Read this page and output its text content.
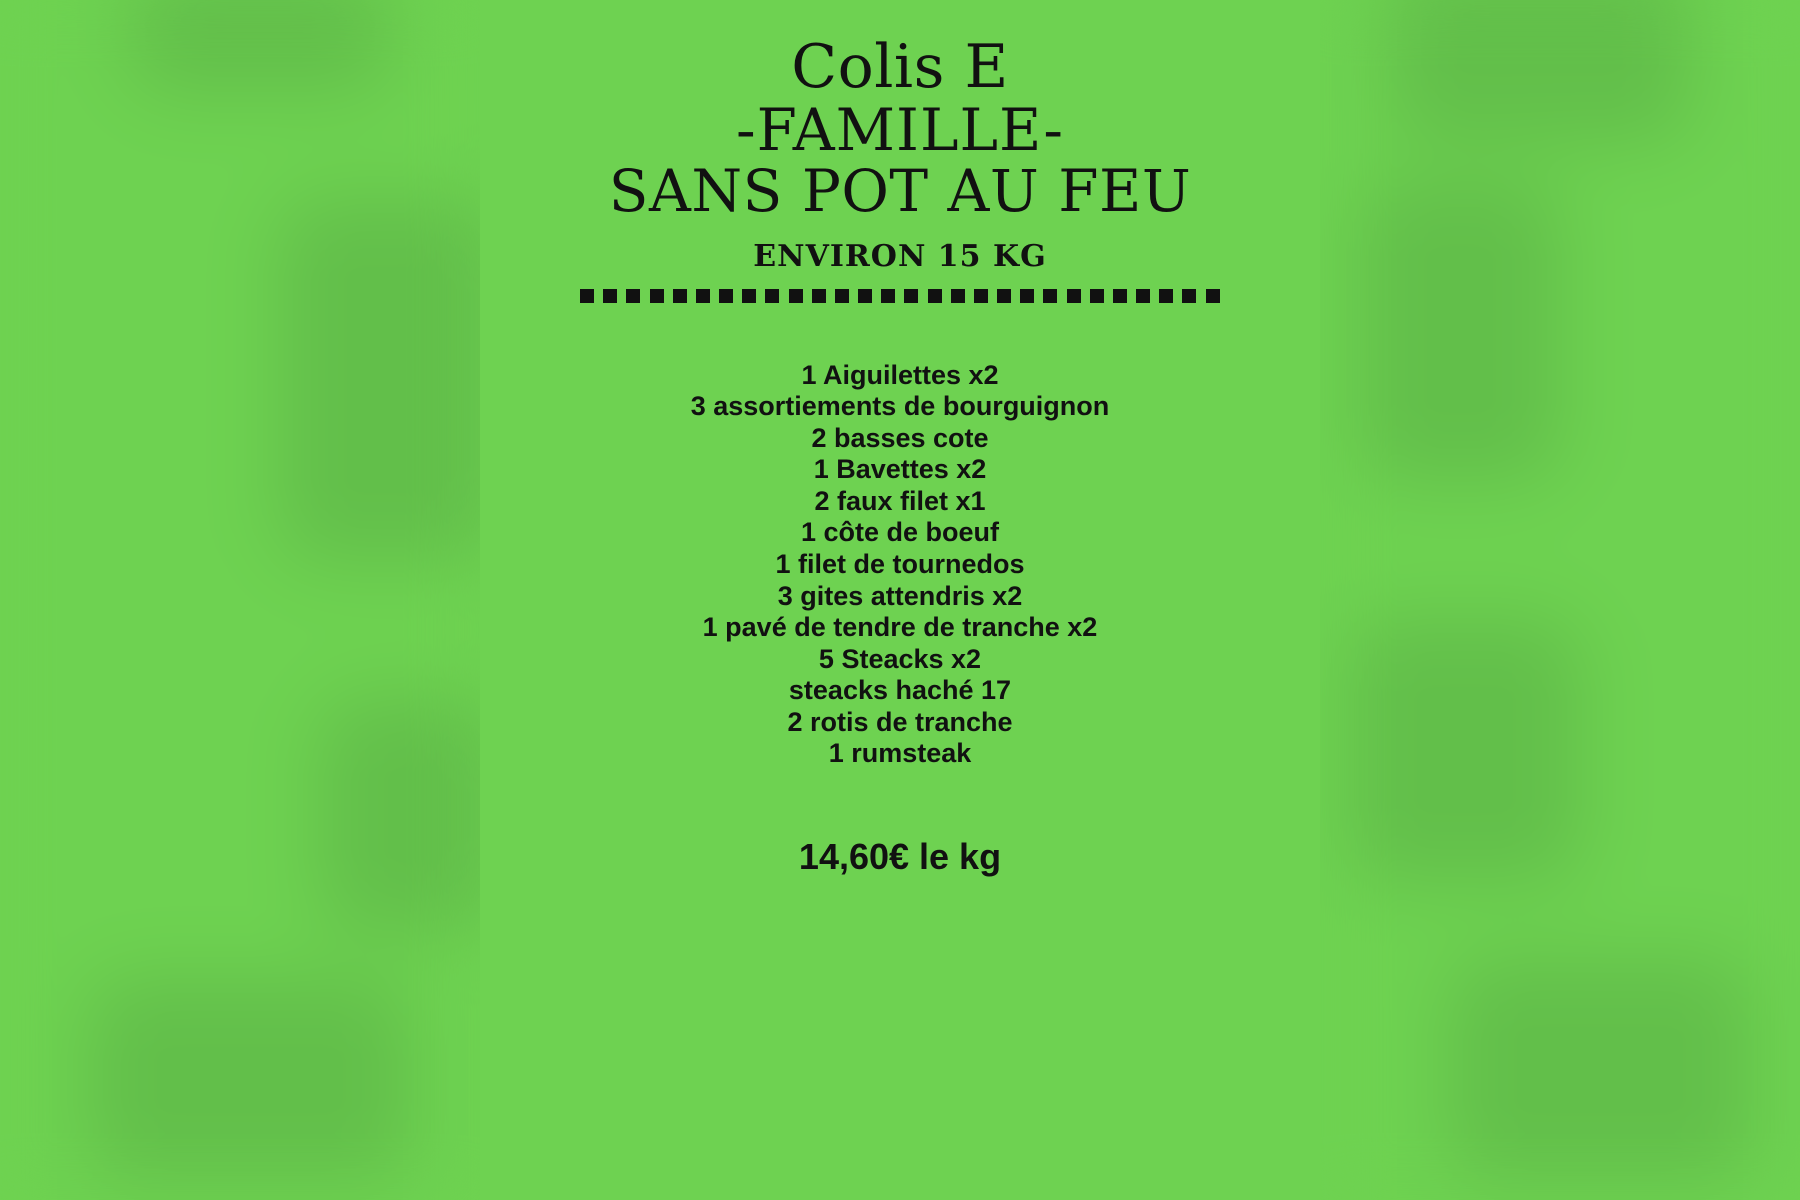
Colis E
-FAMILLE-
SANS POT AU FEU
ENVIRON 15 KG
1 Aiguilettes x2
3 assortiements de bourguignon
2 basses cote
1 Bavettes x2
2 faux filet x1
1 côte de boeuf
1 filet de tournedos
3 gites attendris x2
1 pavé de tendre de tranche x2
5 Steacks x2
steacks haché 17
2 rotis de tranche
1 rumsteak
14,60€ le kg
